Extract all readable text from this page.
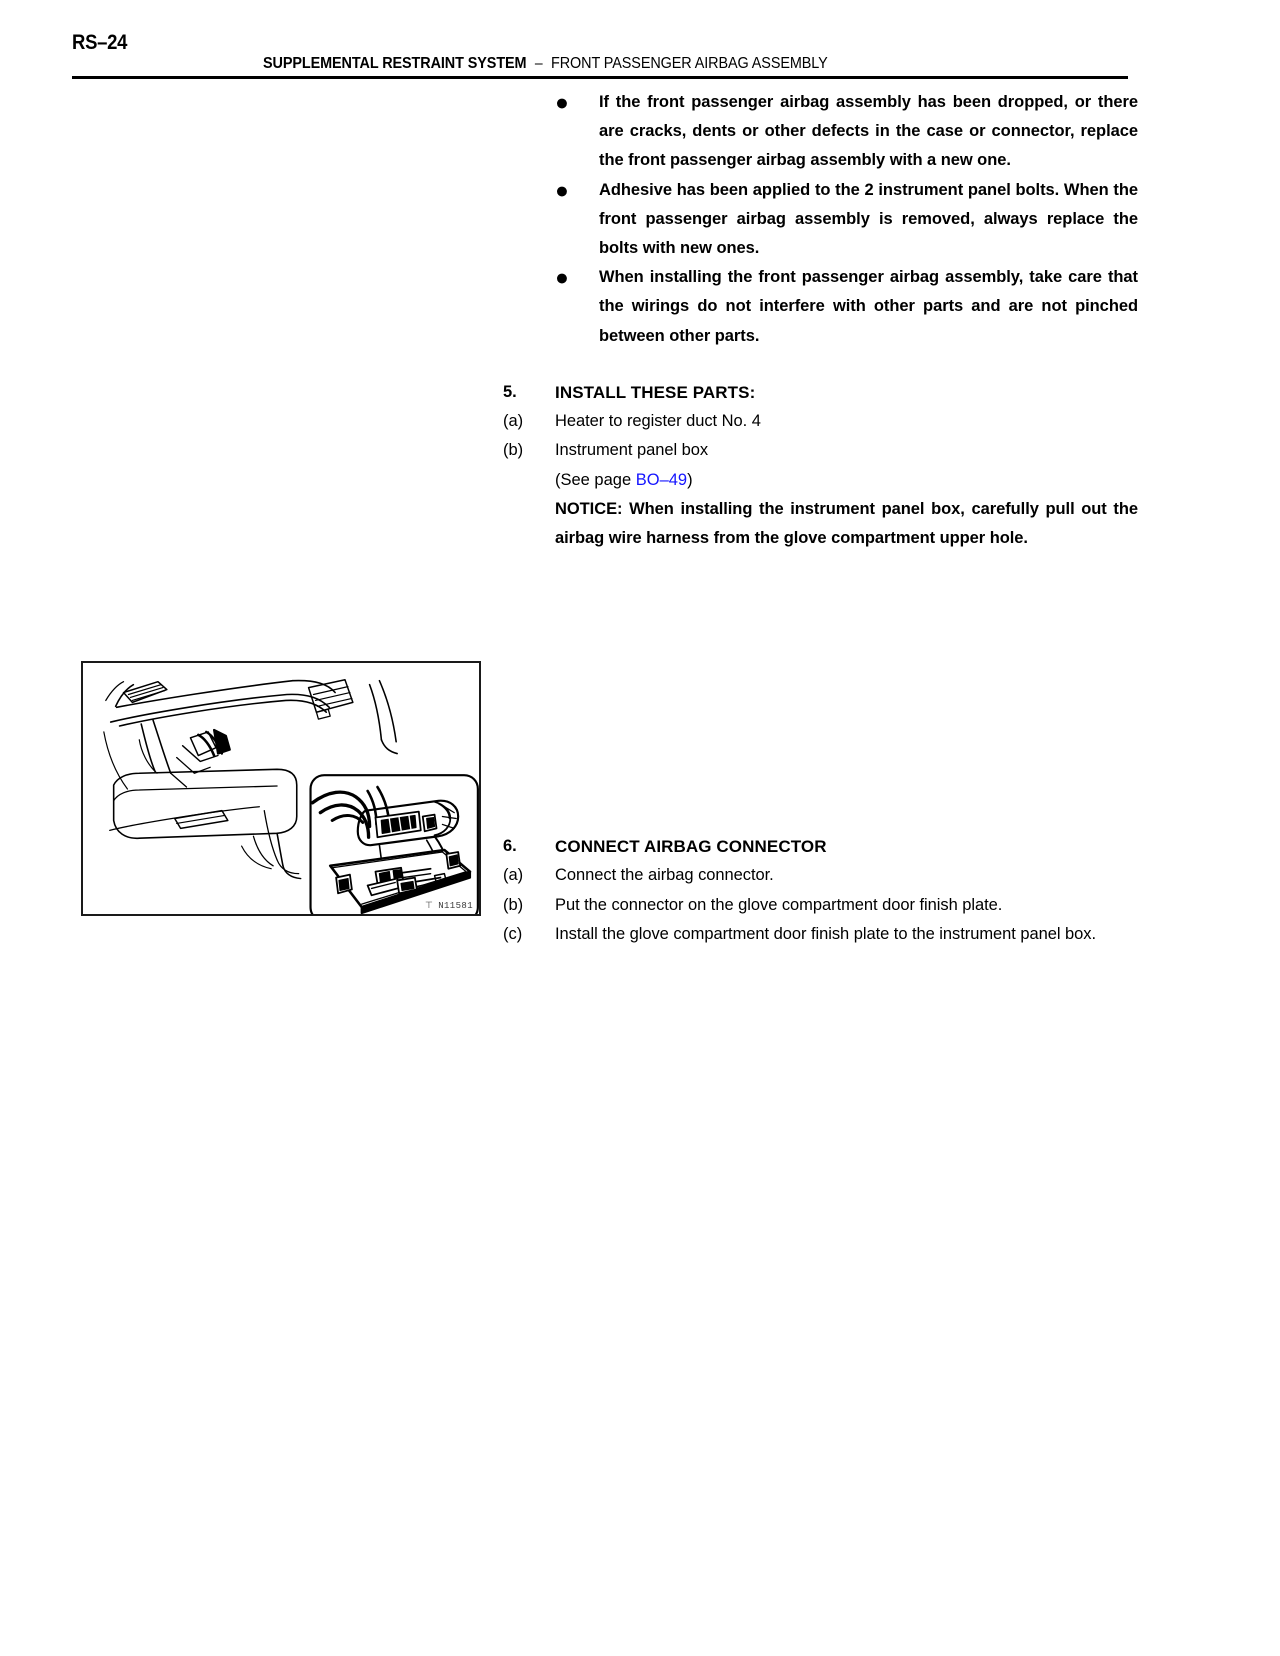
RS–24
SUPPLEMENTAL RESTRAINT SYSTEM – FRONT PASSENGER AIRBAG ASSEMBLY
● If the front passenger airbag assembly has been dropped, or there are cracks, dents or other defects in the case or connector, replace the front passenger airbag assembly with a new one.
● Adhesive has been applied to the 2 instrument panel bolts. When the front passenger airbag assembly is removed, always replace the bolts with new ones.
● When installing the front passenger airbag assembly, take care that the wirings do not interfere with other parts and are not pinched between other parts.
5. INSTALL THESE PARTS:
(a) Heater to register duct No. 4
(b) Instrument panel box
(See page BO–49)
NOTICE: When installing the instrument panel box, carefully pull out the airbag wire harness from the glove compartment upper hole.
6. CONNECT AIRBAG CONNECTOR
(a) Connect the airbag connector.
(b) Put the connector on the glove compartment door finish plate.
(c) Install the glove compartment door finish plate to the instrument panel box.
⊤ N11581
